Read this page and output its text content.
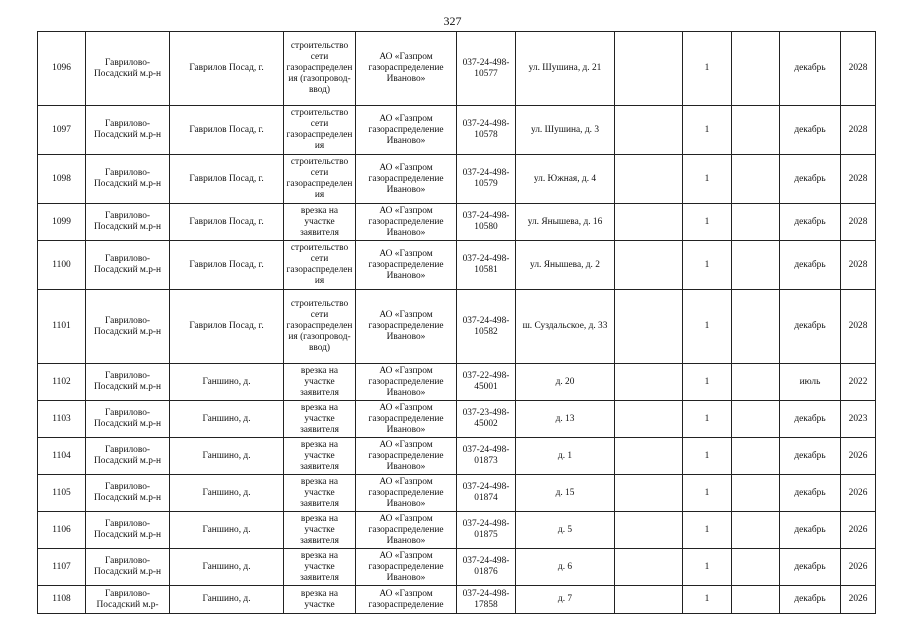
327
1096	Гаврилово-Посадский м.р-н	Гаврилов Посад, г.	строительство сети газораспределения (газопровод-ввод)	АО «Газпром газораспределение Иваново»	037-24-498-10577	ул. Шушина, д. 21		1		декабрь	2028
1097	Гаврилово-Посадский м.р-н	Гаврилов Посад, г.	строительство сети газораспределения	АО «Газпром газораспределение Иваново»	037-24-498-10578	ул. Шушина, д. 3		1		декабрь	2028
1098	Гаврилово-Посадский м.р-н	Гаврилов Посад, г.	строительство сети газораспределения	АО «Газпром газораспределение Иваново»	037-24-498-10579	ул. Южная, д. 4		1		декабрь	2028
1099	Гаврилово-Посадский м.р-н	Гаврилов Посад, г.	врезка на участке заявителя	АО «Газпром газораспределение Иваново»	037-24-498-10580	ул. Янышева, д. 16		1		декабрь	2028
1100	Гаврилово-Посадский м.р-н	Гаврилов Посад, г.	строительство сети газораспределения	АО «Газпром газораспределение Иваново»	037-24-498-10581	ул. Янышева, д. 2		1		декабрь	2028
1101	Гаврилово-Посадский м.р-н	Гаврилов Посад, г.	строительство сети газораспределения (газопровод-ввод)	АО «Газпром газораспределение Иваново»	037-24-498-10582	ш. Суздальское, д. 33		1		декабрь	2028
1102	Гаврилово-Посадский м.р-н	Ганшино, д.	врезка на участке заявителя	АО «Газпром газораспределение Иваново»	037-22-498-45001	д. 20		1		июль	2022
1103	Гаврилово-Посадский м.р-н	Ганшино, д.	врезка на участке заявителя	АО «Газпром газораспределение Иваново»	037-23-498-45002	д. 13		1		декабрь	2023
1104	Гаврилово-Посадский м.р-н	Ганшино, д.	врезка на участке заявителя	АО «Газпром газораспределение Иваново»	037-24-498-01873	д. 1		1		декабрь	2026
1105	Гаврилово-Посадский м.р-н	Ганшино, д.	врезка на участке заявителя	АО «Газпром газораспределение Иваново»	037-24-498-01874	д. 15		1		декабрь	2026
1106	Гаврилово-Посадский м.р-н	Ганшино, д.	врезка на участке заявителя	АО «Газпром газораспределение Иваново»	037-24-498-01875	д. 5		1		декабрь	2026
1107	Гаврилово-Посадский м.р-н	Ганшино, д.	врезка на участке заявителя	АО «Газпром газораспределение Иваново»	037-24-498-01876	д. 6		1		декабрь	2026
1108	Гаврилово-Посадский м.р-	Ганшино, д.	врезка на участке	АО «Газпром газораспределение	037-24-498-17858	д. 7		1		декабрь	2026
